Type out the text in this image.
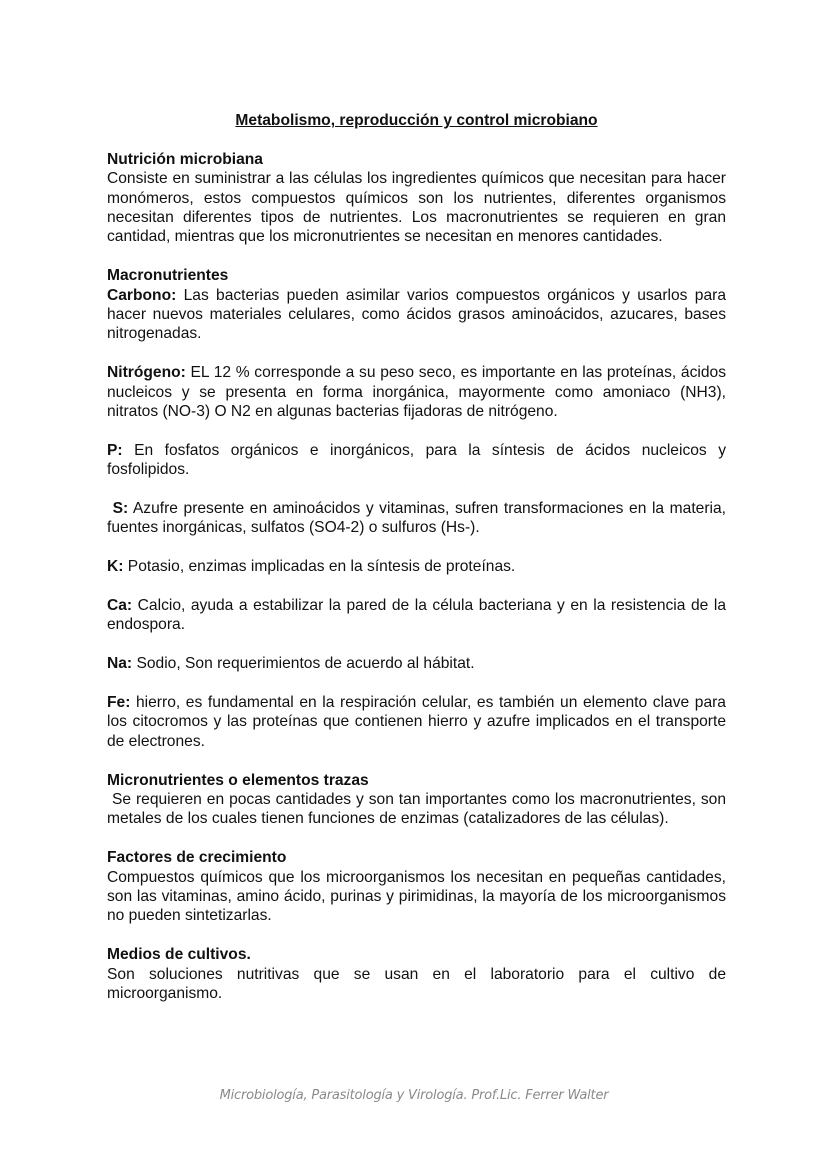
Metabolismo, reproducción y control microbiano

Nutrición microbiana

Consiste en suministrar a las células los ingredientes químicos que necesitan para hacer monómeros, estos compuestos químicos son los nutrientes, diferentes organismos necesitan diferentes tipos de nutrientes. Los macronutrientes se requieren en gran cantidad, mientras que los micronutrientes se necesitan en menores cantidades.

Macronutrientes

Carbono: Las bacterias pueden asimilar varios compuestos orgánicos y usarlos para hacer nuevos materiales celulares, como ácidos grasos aminoácidos, azucares, bases nitrogenadas.

Nitrógeno: EL 12 % corresponde a su peso seco, es importante en las proteínas, ácidos nucleicos y se presenta en forma inorgánica, mayormente como amoniaco (NH3), nitratos (NO-3) O N2 en algunas bacterias fijadoras de nitrógeno.

P: En fosfatos orgánicos e inorgánicos, para la síntesis de ácidos nucleicos y fosfolipidos.

S: Azufre presente en aminoácidos y vitaminas, sufren transformaciones en la materia, fuentes inorgánicas, sulfatos (SO4-2) o sulfuros (Hs-).

K: Potasio, enzimas implicadas en la síntesis de proteínas.

Ca: Calcio, ayuda a estabilizar la pared de la célula bacteriana y en la resistencia de la endospora.

Na: Sodio, Son requerimientos de acuerdo al hábitat.

Fe: hierro, es fundamental en la respiración celular, es también un elemento clave para los citocromos y las proteínas que contienen hierro y azufre implicados en el transporte de electrones.

Micronutrientes o elementos trazas

Se requieren en pocas cantidades y son tan importantes como los macronutrientes, son metales de los cuales tienen funciones de enzimas (catalizadores de las células).

Factores de crecimiento

Compuestos químicos que los microorganismos los necesitan en pequeñas cantidades, son las vitaminas, amino ácido, purinas y pirimidinas, la mayoría de los microorganismos no pueden sintetizarlas.

Medios de cultivos.

Son soluciones nutritivas que se usan en el laboratorio para el cultivo de microorganismo.

Microbiología, Parasitología y Virología. Prof.Lic. Ferrer Walter
